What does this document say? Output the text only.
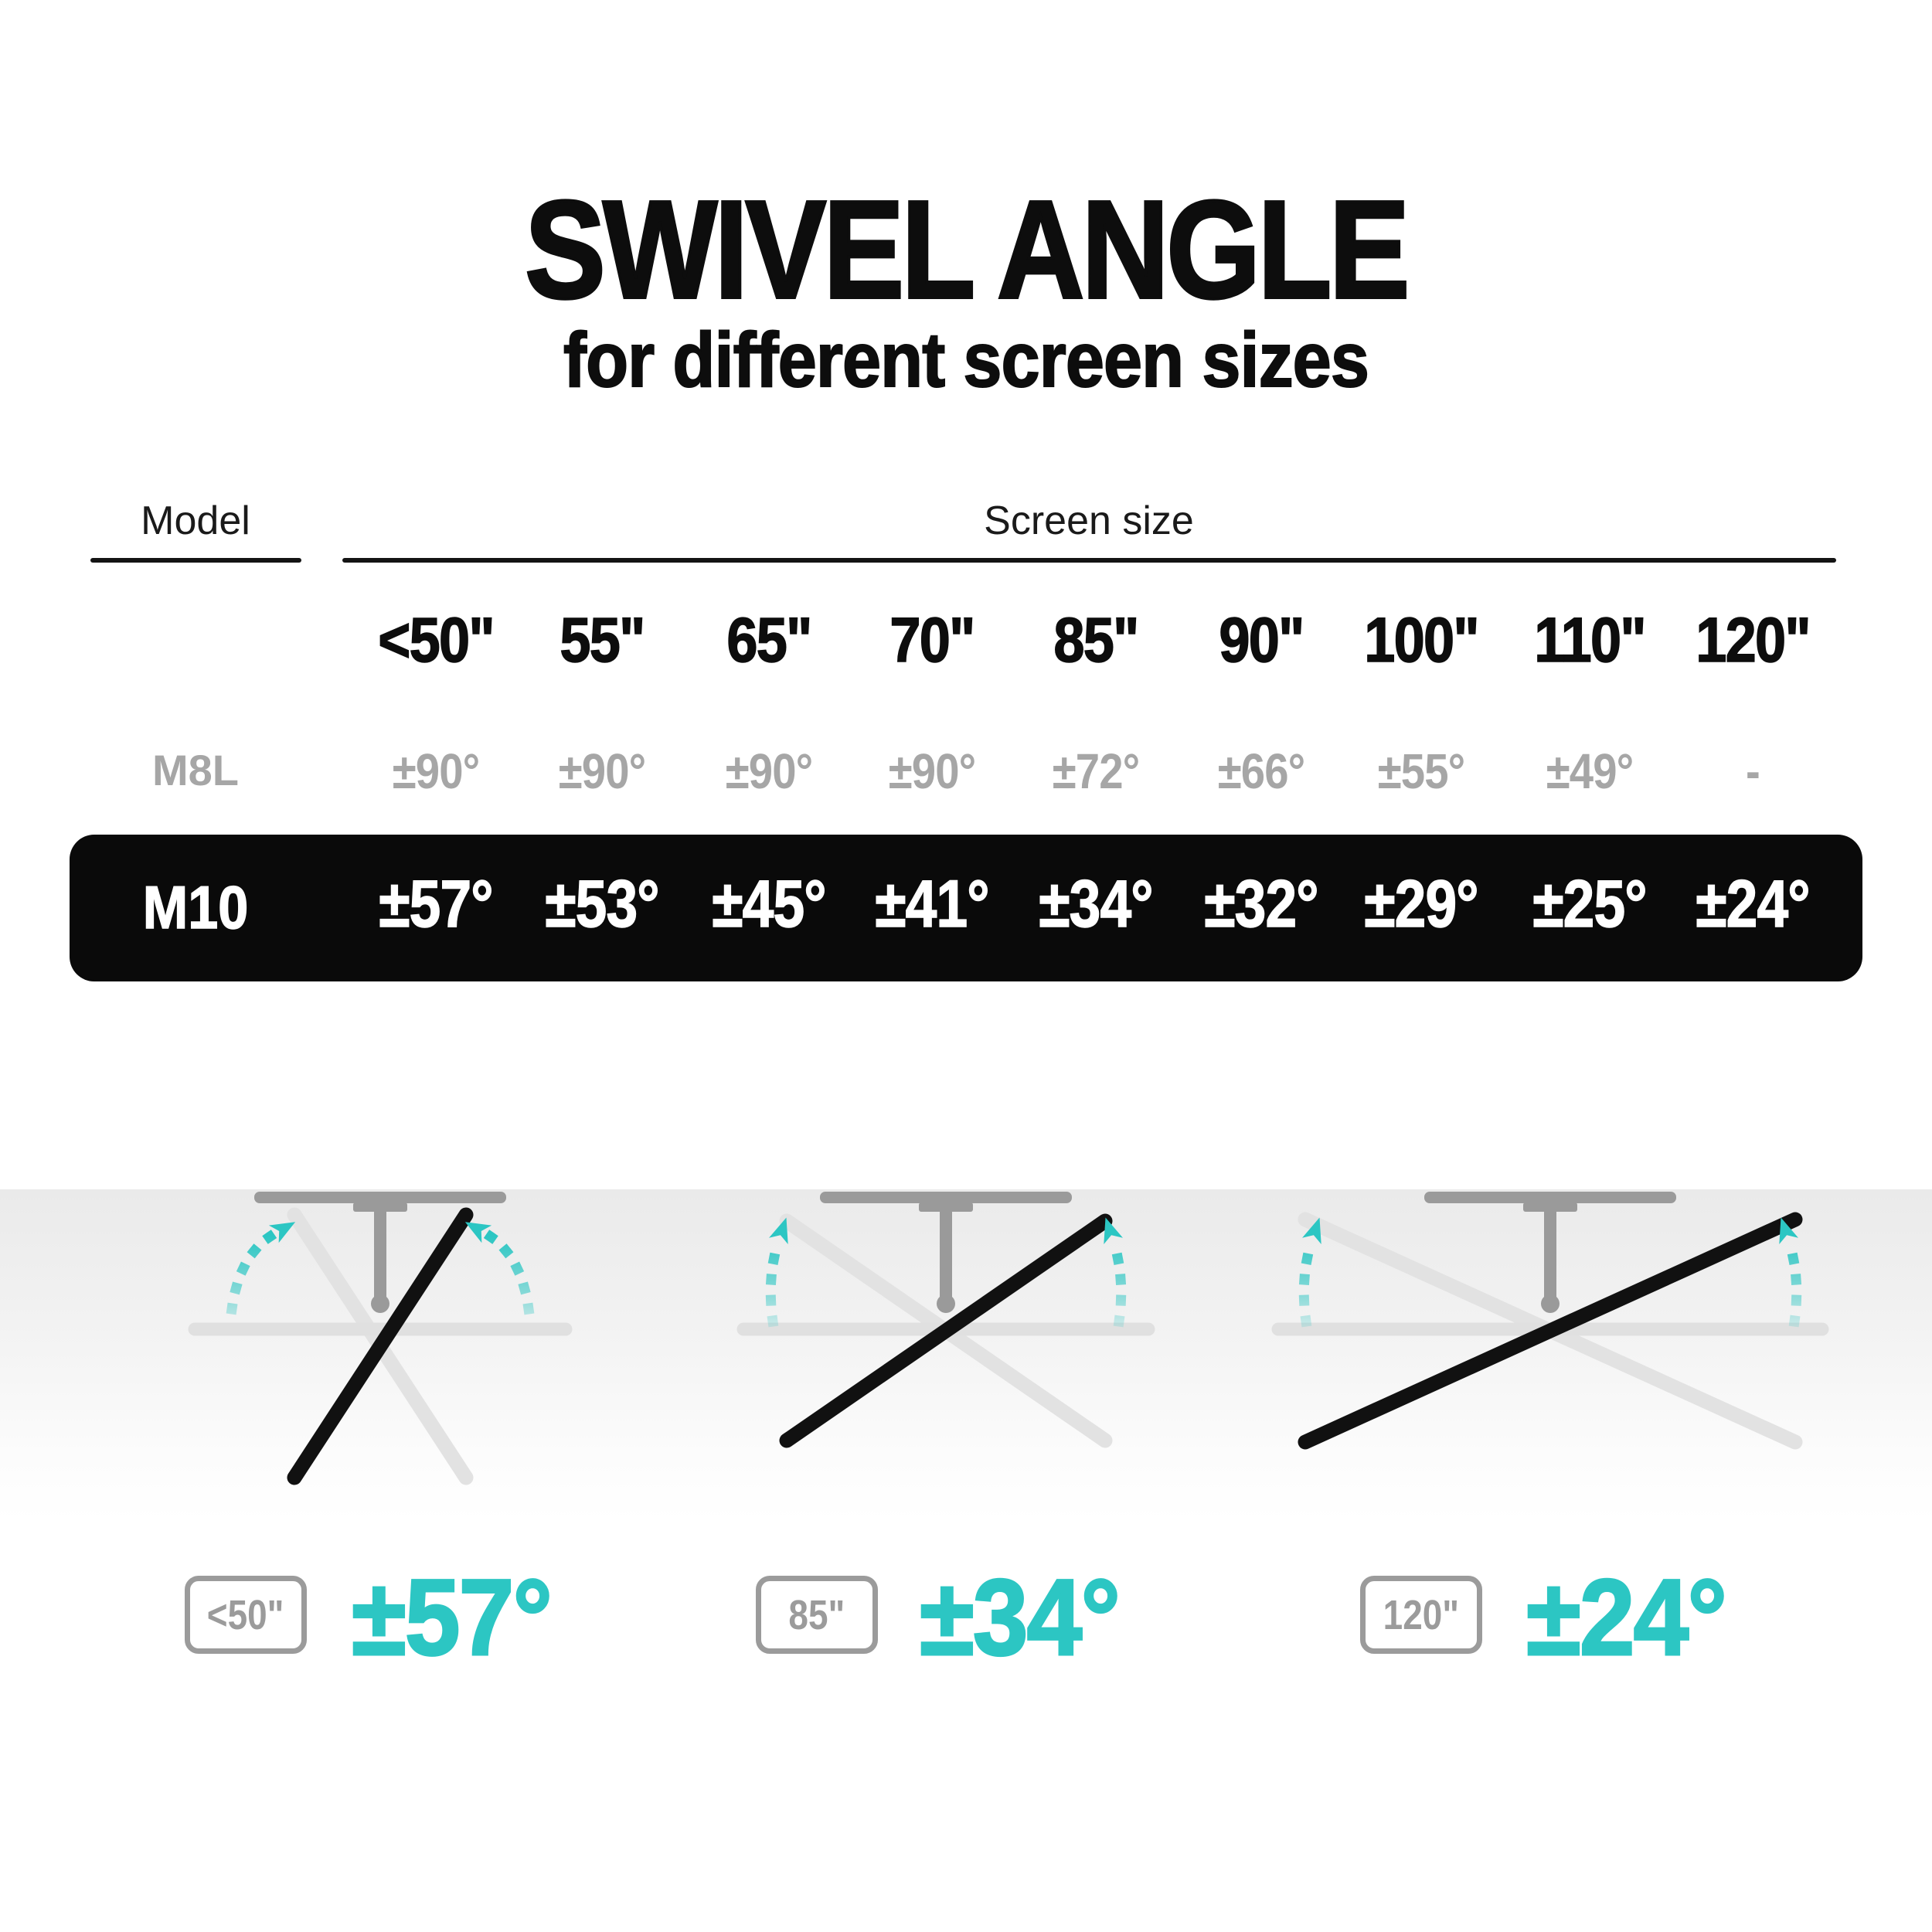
SWIVEL ANGLE
for different screen sizes
Model	Screen size
<50"	55"	65"	70"	85"	90" 100" 110" 120"
M8L	±90°	±90°	±90°	±90°	±72°	±66°	±55°	±49°	-
M10	±57° ±53° ±45° ±41° ±34° ±32° ±29° ±25° ±24°
<50" ±57°	85" ±34°	120" ±24°
